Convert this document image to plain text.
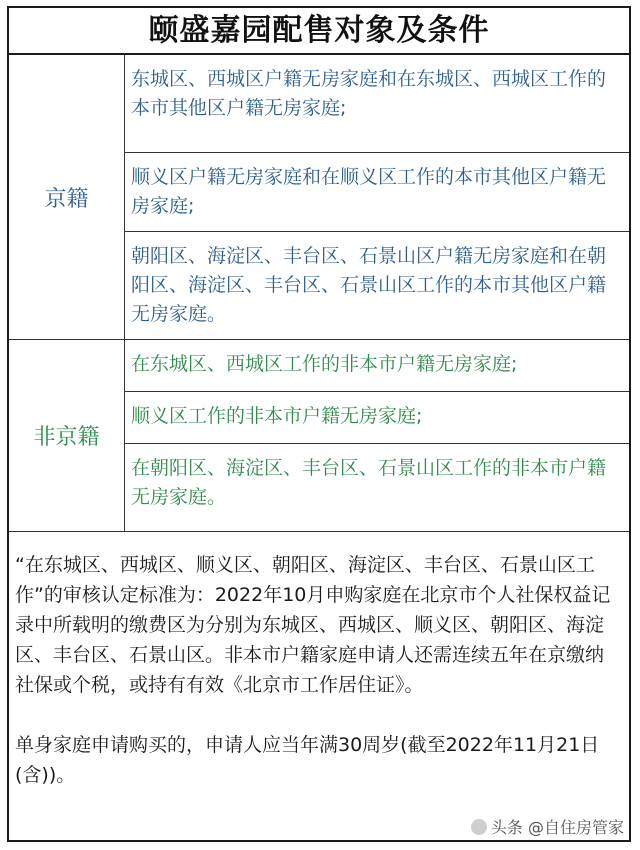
颐盛嘉园配售对象及条件
京籍
东城区、西城区户籍无房家庭和在东城区、西城区工作的本市其他区户籍无房家庭;
顺义区户籍无房家庭和在顺义区工作的本市其他区户籍无房家庭;
朝阳区、海淀区、丰台区、石景山区户籍无房家庭和在朝阳区、海淀区、丰台区、石景山区工作的本市其他区户籍无房家庭。
非京籍
在东城区、西城区工作的非本市户籍无房家庭;
顺义区工作的非本市户籍无房家庭;
在朝阳区、海淀区、丰台区、石景山区工作的非本市户籍无房家庭。

“在东城区、西城区、顺义区、朝阳区、海淀区、丰台区、石景山区工作”的审核认定标准为：2022年10月申购家庭在北京市个人社保权益记录中所载明的缴费区为分别为东城区、西城区、顺义区、朝阳区、海淀区、丰台区、石景山区。非本市户籍家庭申请人还需连续五年在京缴纳社保或个税，或持有有效《北京市工作居住证》。

单身家庭申请购买的，申请人应当年满30周岁(截至2022年11月21日(含))。

头条 @自住房管家
